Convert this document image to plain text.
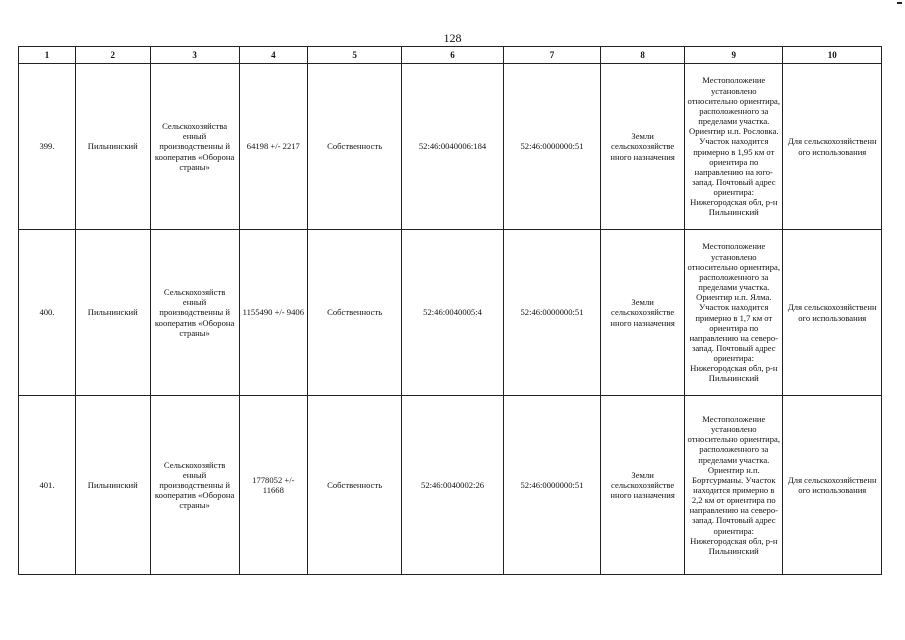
128
1	2	3	4	5	6	7	8	9	10
399.	Пильнинский	Сельскохозяйства енный производственны й кооператив «Оборона страны»	64198 +/- 2217	Собственность	52:46:0040006:184	52:46:0000000:51	Земли сельскохозяйстве нного назначения	Местоположение установлено относительно ориентира, расположенного за пределами участка. Ориентир н.п. Рословка. Участок находится примерно в 1,95 км от ориентира по направлению на юго-запад. Почтовый адрес ориентира: Нижегородская обл, р-н Пильнинский	Для сельскохозяйственн ого использования
400.	Пильнинский	Сельскохозяйств енный производственны й кооператив «Оборона страны»	1155490 +/- 9406	Собственность	52:46:0040005:4	52:46:0000000:51	Земли сельскохозяйстве нного назначения	Местоположение установлено относительно ориентира, расположенного за пределами участка. Ориентир н.п. Ялма. Участок находится примерно в 1,7 км от ориентира по направлению на северо-запад. Почтовый адрес ориентира: Нижегородская обл, р-н Пильнинский	Для сельскохозяйственн ого использования
401.	Пильнинский	Сельскохозяйств енный производственны й кооператив «Оборона страны»	1778052 +/- 11668	Собственность	52:46:0040002:26	52:46:0000000:51	Земли сельскохозяйстве нного назначения	Местоположение установлено относительно ориентира, расположенного за пределами участка. Ориентир н.п. Бортсурманы. Участок находится примерно в 2,2 км от ориентира по направлению на северо-запад. Почтовый адрес ориентира: Нижегородская обл, р-н Пильнинский	Для сельскохозяйственн ого использования
